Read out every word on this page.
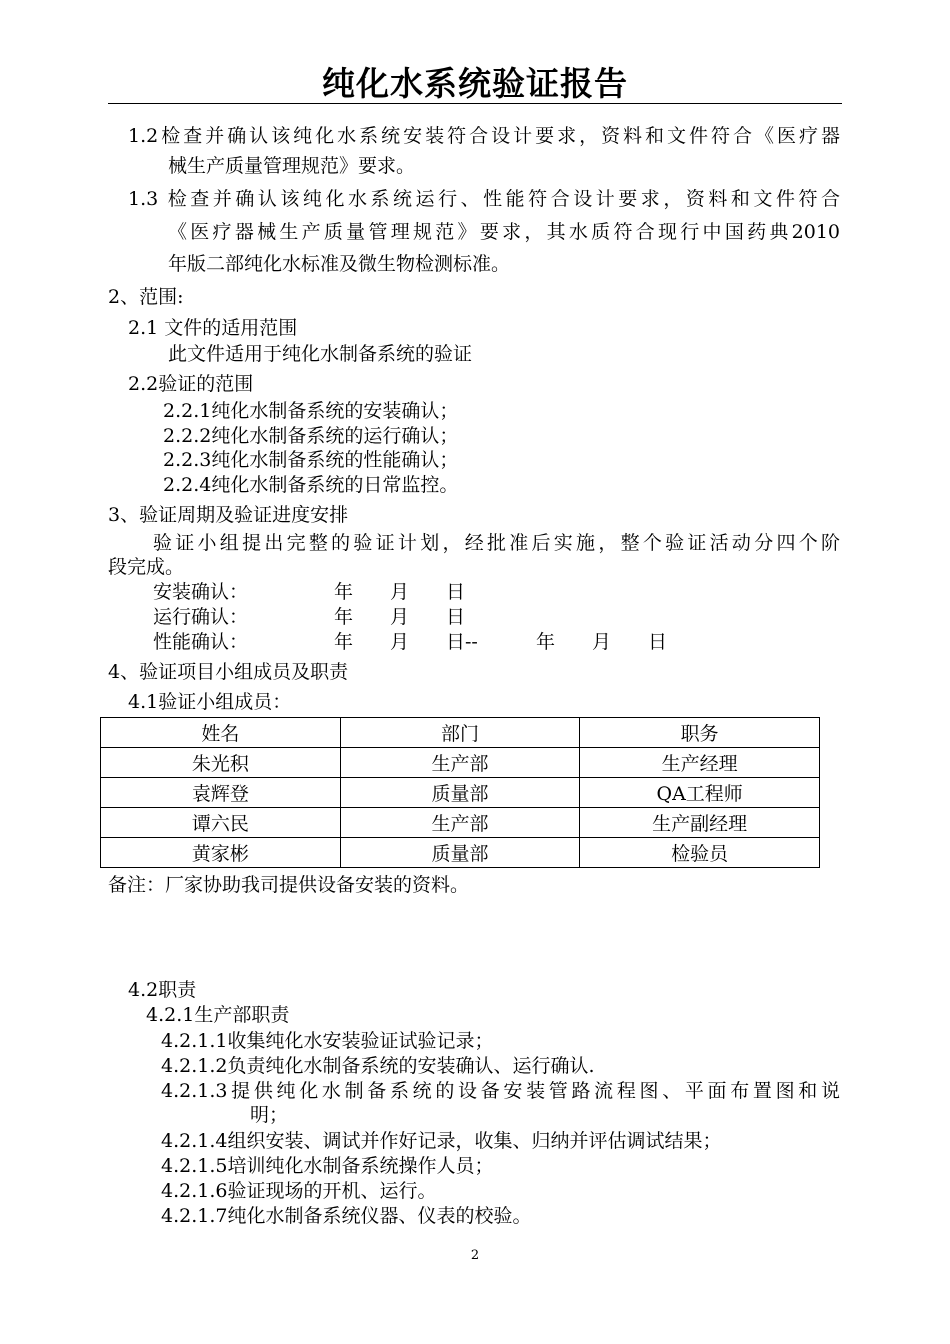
纯化水系统验证报告
1.2检查并确认该纯化水系统安装符合设计要求，资料和文件符合《医疗器
械生产质量管理规范》要求。
1.3 检查并确认该纯化水系统运行、性能符合设计要求，资料和文件符合
《医疗器械生产质量管理规范》要求，其水质符合现行中国药典2010
年版二部纯化水标准及微生物检测标准。
2、范围:
2.1 文件的适用范围
此文件适用于纯化水制备系统的验证
2.2验证的范围
2.2.1纯化水制备系统的安装确认；
2.2.2纯化水制备系统的运行确认；
2.2.3纯化水制备系统的性能确认；
2.2.4纯化水制备系统的日常监控。
3、验证周期及验证进度安排
验证小组提出完整的验证计划，经批准后实施，整个验证活动分四个阶
段完成。
安装确认：	年 月 日
运行确认：	年 月 日
性能确认：	年 月 日--	年 月 日
4、验证项目小组成员及职责
4.1验证小组成员：
姓名	部门	职务
朱光积	生产部	生产经理
袁辉登	质量部	QA工程师
谭六民	生产部	生产副经理
黄家彬	质量部	检验员
备注：厂家协助我司提供设备安装的资料。
4.2职责
4.2.1生产部职责
4.2.1.1收集纯化水安装验证试验记录；
4.2.1.2负责纯化水制备系统的安装确认、运行确认.
4.2.1.3提供纯化水制备系统的设备安装管路流程图、平面布置图和说
明；
4.2.1.4组织安装、调试并作好记录，收集、归纳并评估调试结果；
4.2.1.5培训纯化水制备系统操作人员；
4.2.1.6验证现场的开机、运行。
4.2.1.7纯化水制备系统仪器、仪表的校验。
2
